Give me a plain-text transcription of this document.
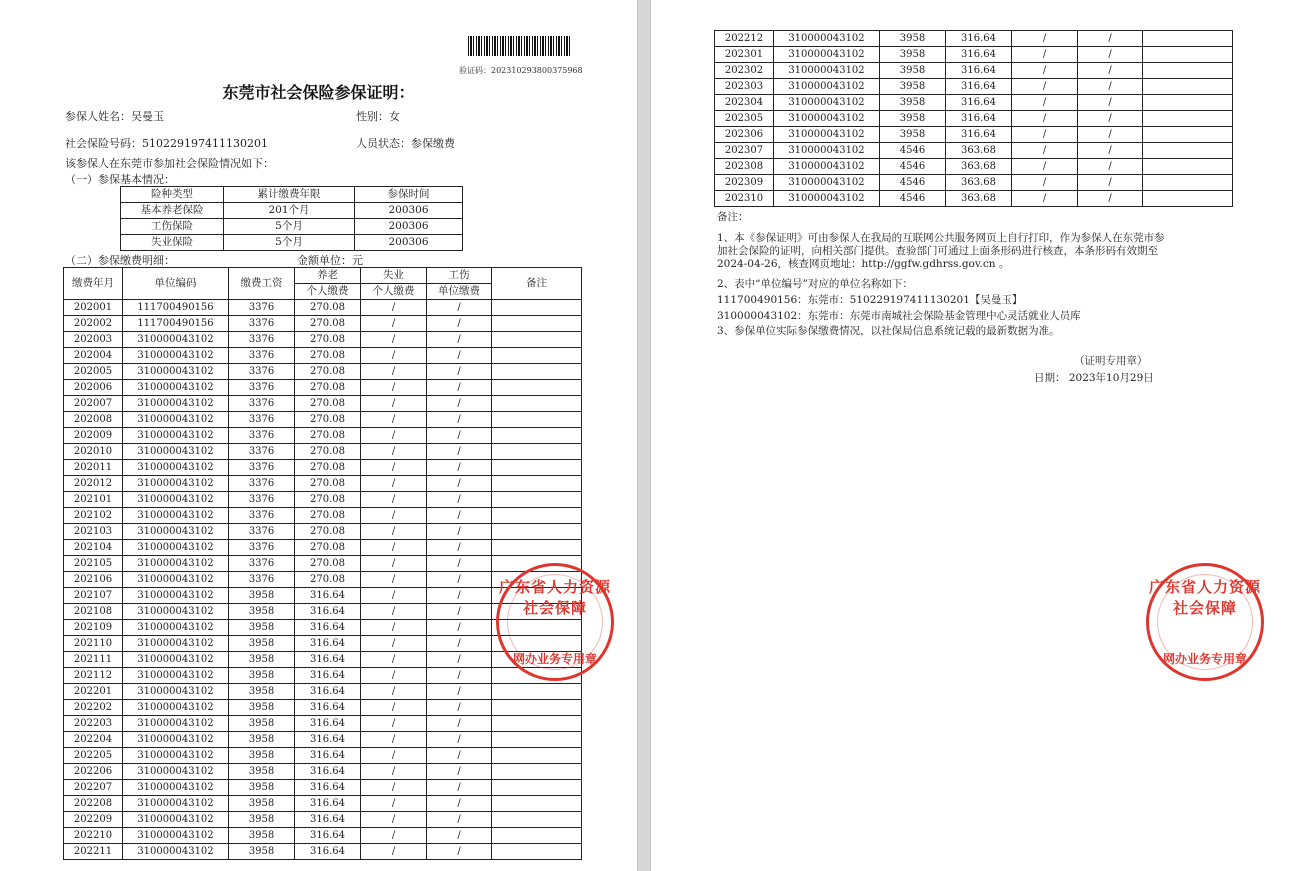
验证码：202310293800375968
东莞市社会保险参保证明：
参保人姓名：吴曼玉	性别：女
社会保险号码：510229197411130201	人员状态：参保缴费
该参保人在东莞市参加社会保险情况如下：
（一）参保基本情况：
险种类型	累计缴费年限	参保时间
基本养老保险	201个月	200306
工伤保险	5个月	200306
失业保险	5个月	200306
（二）参保缴费明细：	金额单位：元
缴费年月	单位编码	缴费工资	养老	失业	工伤	备注
			个人缴费	个人缴费	单位缴费	
202001	111700490156	3376	270.08	/	/	
202002	111700490156	3376	270.08	/	/	
202003	310000043102	3376	270.08	/	/	
202004	310000043102	3376	270.08	/	/	
202005	310000043102	3376	270.08	/	/	
202006	310000043102	3376	270.08	/	/	
202007	310000043102	3376	270.08	/	/	
202008	310000043102	3376	270.08	/	/	
202009	310000043102	3376	270.08	/	/	
202010	310000043102	3376	270.08	/	/	
202011	310000043102	3376	270.08	/	/	
202012	310000043102	3376	270.08	/	/	
202101	310000043102	3376	270.08	/	/	
202102	310000043102	3376	270.08	/	/	
202103	310000043102	3376	270.08	/	/	
202104	310000043102	3376	270.08	/	/	
202105	310000043102	3376	270.08	/	/	
202106	310000043102	3376	270.08	/	/	
202107	310000043102	3958	316.64	/	/	
202108	310000043102	3958	316.64	/	/	
202109	310000043102	3958	316.64	/	/	
202110	310000043102	3958	316.64	/	/	
202111	310000043102	3958	316.64	/	/	
202112	310000043102	3958	316.64	/	/	
202201	310000043102	3958	316.64	/	/	
202202	310000043102	3958	316.64	/	/	
202203	310000043102	3958	316.64	/	/	
202204	310000043102	3958	316.64	/	/	
202205	310000043102	3958	316.64	/	/	
202206	310000043102	3958	316.64	/	/	
202207	310000043102	3958	316.64	/	/	
202208	310000043102	3958	316.64	/	/	
202209	310000043102	3958	316.64	/	/	
202210	310000043102	3958	316.64	/	/	
202211	310000043102	3958	316.64	/	/	
广东省人力资源社会保障
网办业务专用章
202212	310000043102	3958	316.64	/	/	
202301	310000043102	3958	316.64	/	/	
202302	310000043102	3958	316.64	/	/	
202303	310000043102	3958	316.64	/	/	
202304	310000043102	3958	316.64	/	/	
202305	310000043102	3958	316.64	/	/	
202306	310000043102	3958	316.64	/	/	
202307	310000043102	4546	363.68	/	/	
202308	310000043102	4546	363.68	/	/	
202309	310000043102	4546	363.68	/	/	
202310	310000043102	4546	363.68	/	/	
备注：
1、本《参保证明》可由参保人在我局的互联网公共服务网页上自行打印，作为参保人在东莞市参
加社会保险的证明，向相关部门提供。查验部门可通过上面条形码进行核查，本条形码有效期至
2024-04-26，核查网页地址：http://ggfw.gdhrss.gov.cn 。
2、表中“单位编号”对应的单位名称如下：
111700490156：东莞市：510229197411130201【吴曼玉】
310000043102：东莞市：东莞市南城社会保险基金管理中心灵活就业人员库
3、参保单位实际参保缴费情况，以社保局信息系统记载的最新数据为准。
（证明专用章）
日期： 2023年10月29日
广东省人力资源社会保障
网办业务专用章
